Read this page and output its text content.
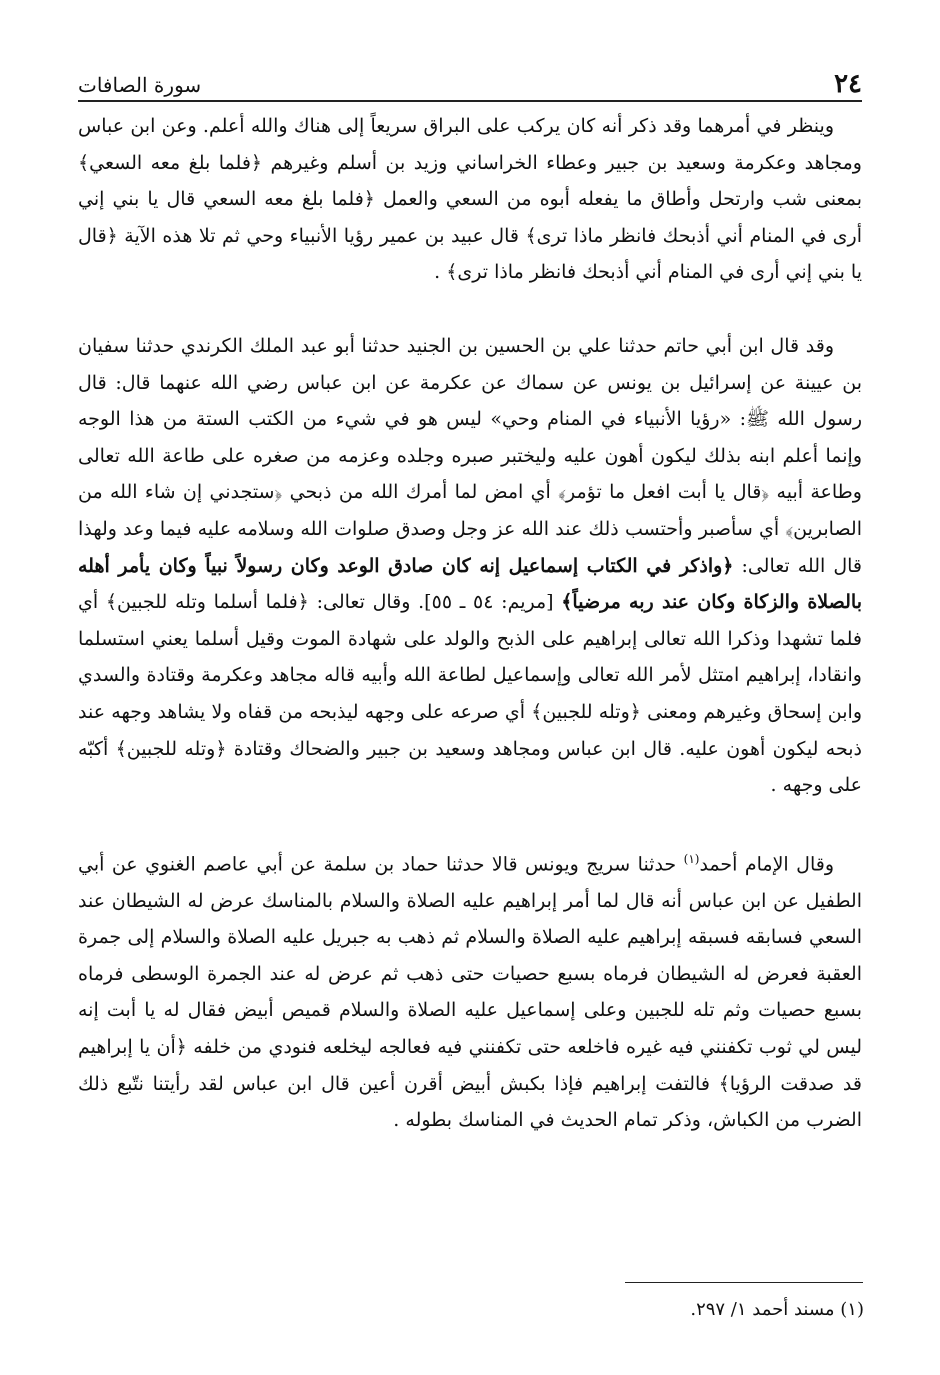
٢٤
سورة الصافات

وينظر في أمرهما وقد ذكر أنه كان يركب على البراق سريعاً إلى هناك والله أعلم. وعن ابن عباس ومجاهد وعكرمة وسعيد بن جبير وعطاء الخراساني وزيد بن أسلم وغيرهم ﴿فلما بلغ معه السعي﴾ بمعنى شب وارتحل وأطاق ما يفعله أبوه من السعي والعمل ﴿فلما بلغ معه السعي قال يا بني إني أرى في المنام أني أذبحك فانظر ماذا ترى﴾ قال عبيد بن عمير رؤيا الأنبياء وحي ثم تلا هذه الآية ﴿قال يا بني إني أرى في المنام أني أذبحك فانظر ماذا ترى﴾ .

وقد قال ابن أبي حاتم حدثنا علي بن الحسين بن الجنيد حدثنا أبو عبد الملك الكرندي حدثنا سفيان بن عيينة عن إسرائيل بن يونس عن سماك عن عكرمة عن ابن عباس رضي الله عنهما قال: قال رسول الله ﷺ: «رؤيا الأنبياء في المنام وحي» ليس هو في شيء من الكتب الستة من هذا الوجه وإنما أعلم ابنه بذلك ليكون أهون عليه وليختبر صبره وجلده وعزمه من صغره على طاعة الله تعالى وطاعة أبيه ﴿قال يا أبت افعل ما تؤمر﴾ أي امض لما أمرك الله من ذبحي ﴿ستجدني إن شاء الله من الصابرين﴾ أي سأصبر وأحتسب ذلك عند الله عز وجل وصدق صلوات الله وسلامه عليه فيما وعد ولهذا قال الله تعالى: ﴿واذكر في الكتاب إسماعيل إنه كان صادق الوعد وكان رسولاً نبياً وكان يأمر أهله بالصلاة والزكاة وكان عند ربه مرضياً﴾ [مريم: ٥٤ ـ ٥٥]. وقال تعالى: ﴿فلما أسلما وتله للجبين﴾ أي فلما تشهدا وذكرا الله تعالى إبراهيم على الذبح والولد على شهادة الموت وقيل أسلما يعني استسلما وانقادا، إبراهيم امتثل لأمر الله تعالى وإسماعيل لطاعة الله وأبيه قاله مجاهد وعكرمة وقتادة والسدي وابن إسحاق وغيرهم ومعنى ﴿وتله للجبين﴾ أي صرعه على وجهه ليذبحه من قفاه ولا يشاهد وجهه عند ذبحه ليكون أهون عليه. قال ابن عباس ومجاهد وسعيد بن جبير والضحاك وقتادة ﴿وتله للجبين﴾ أكبّه على وجهه .

وقال الإمام أحمد$^{(١)}$ حدثنا سريج ويونس قالا حدثنا حماد بن سلمة عن أبي عاصم الغنوي عن أبي الطفيل عن ابن عباس أنه قال لما أمر إبراهيم عليه الصلاة والسلام بالمناسك عرض له الشيطان عند السعي فسابقه فسبقه إبراهيم عليه الصلاة والسلام ثم ذهب به جبريل عليه الصلاة والسلام إلى جمرة العقبة فعرض له الشيطان فرماه بسبع حصيات حتى ذهب ثم عرض له عند الجمرة الوسطى فرماه بسبع حصيات وثم تله للجبين وعلى إسماعيل عليه الصلاة والسلام قميص أبيض فقال له يا أبت إنه ليس لي ثوب تكفنني فيه غيره فاخلعه حتى تكفنني فيه فعالجه ليخلعه فنودي من خلفه ﴿أن يا إبراهيم قد صدقت الرؤيا﴾ فالتفت إبراهيم فإذا بكبش أبيض أقرن أعين قال ابن عباس لقد رأيتنا نتّبع ذلك الضرب من الكباش، وذكر تمام الحديث في المناسك بطوله .

(١) مسند أحمد ١/ ٢٩٧.
